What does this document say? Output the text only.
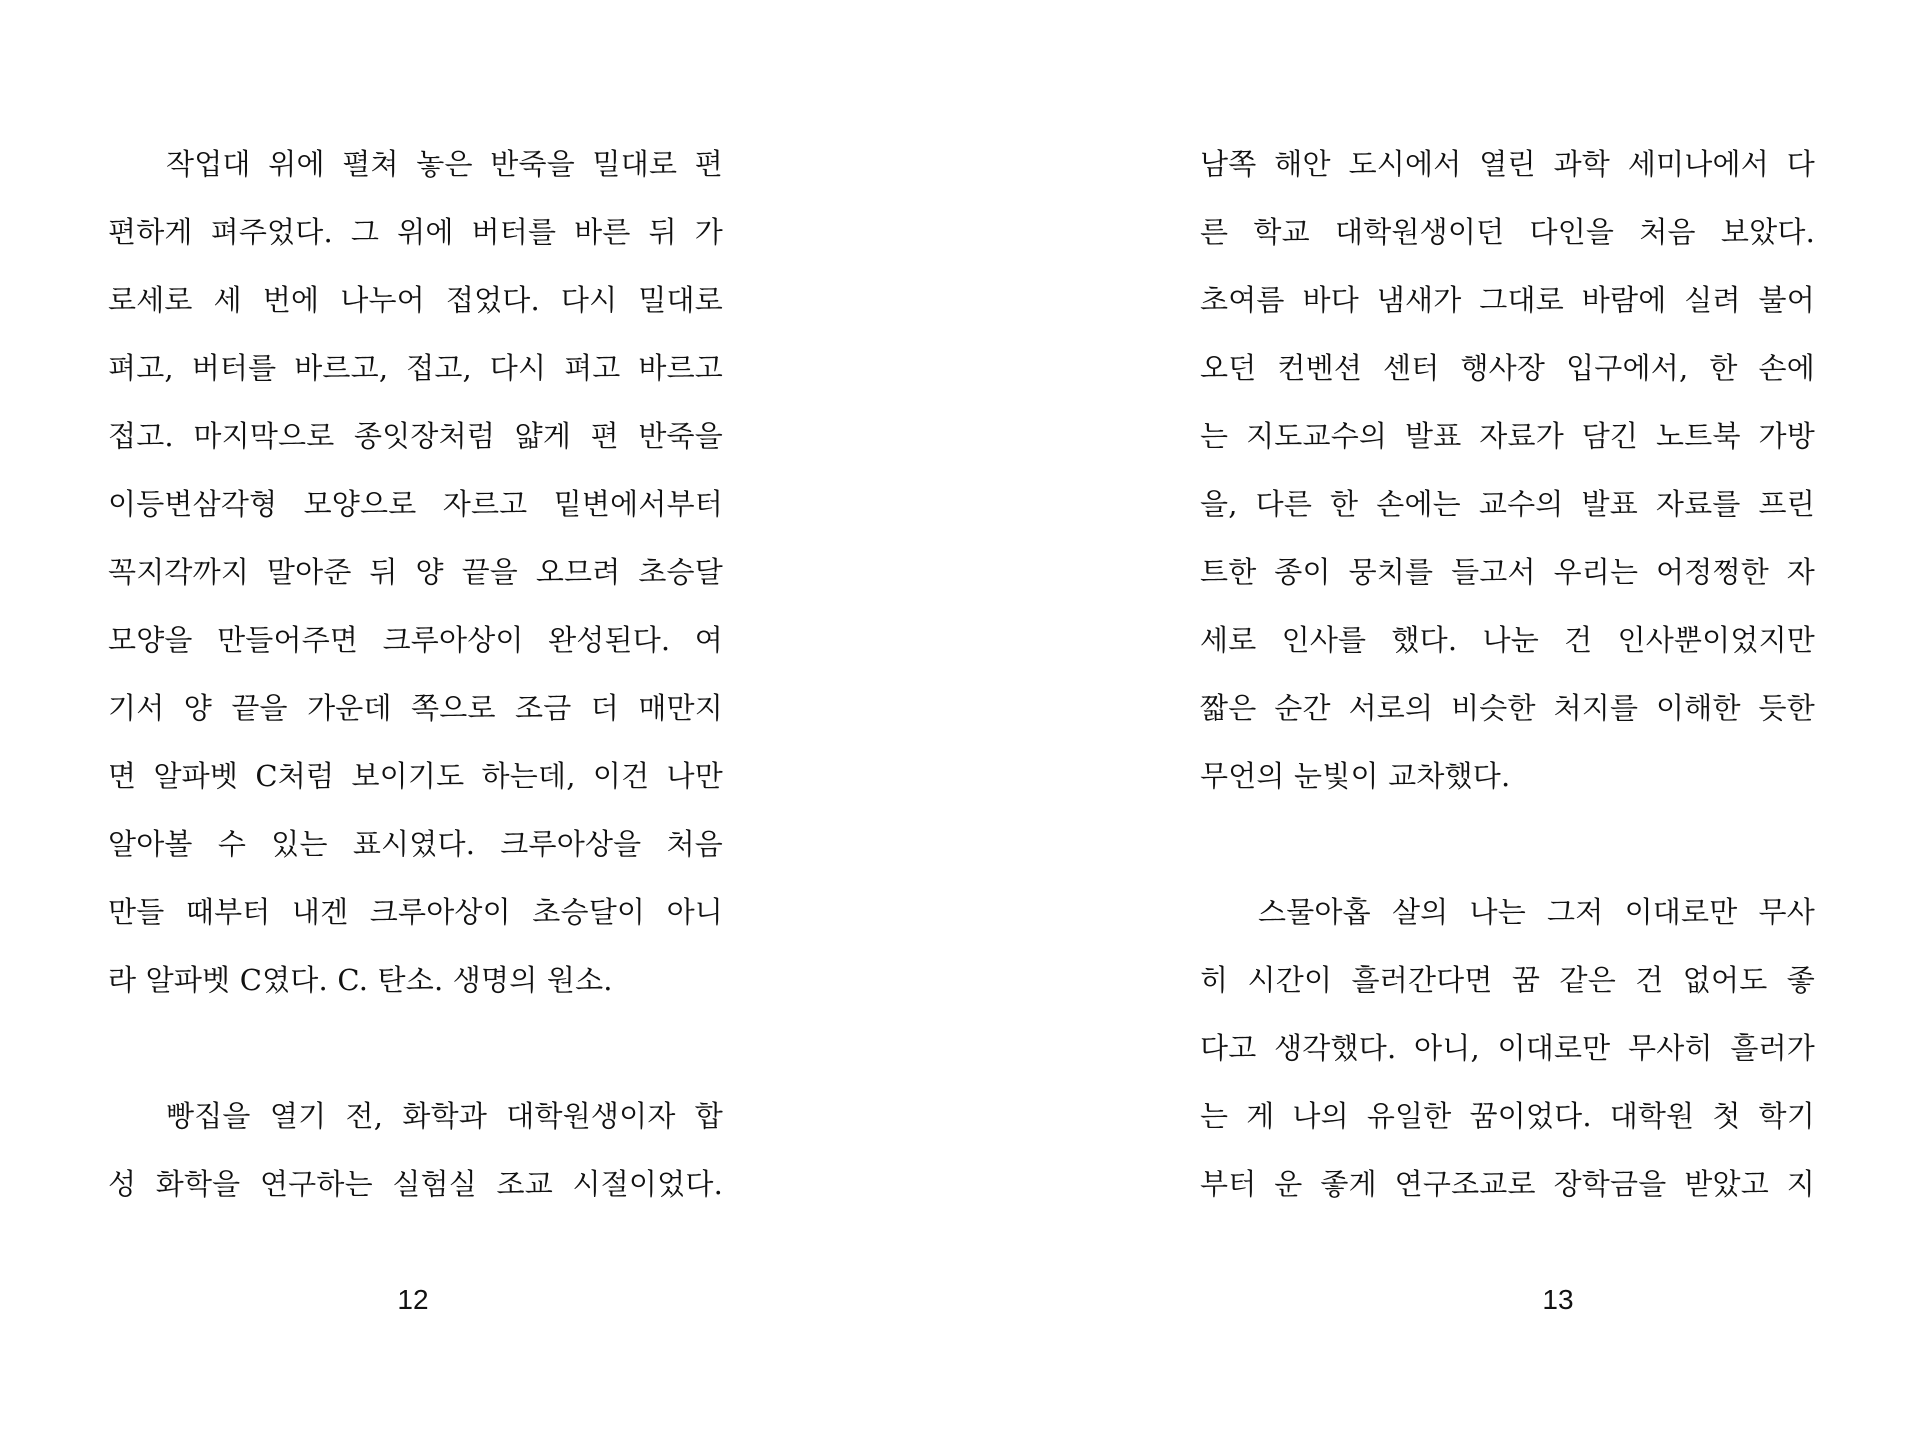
작업대 위에 펼쳐 놓은 반죽을 밀대로 편
편하게 펴주었다. 그 위에 버터를 바른 뒤 가
로세로 세 번에 나누어 접었다. 다시 밀대로
펴고, 버터를 바르고, 접고, 다시 펴고 바르고
접고. 마지막으로 종잇장처럼 얇게 편 반죽을
이등변삼각형 모양으로 자르고 밑변에서부터
꼭지각까지 말아준 뒤 양 끝을 오므려 초승달
모양을 만들어주면 크루아상이 완성된다. 여
기서 양 끝을 가운데 쪽으로 조금 더 매만지
면 알파벳 C처럼 보이기도 하는데, 이건 나만
알아볼 수 있는 표시였다. 크루아상을 처음
만들 때부터 내겐 크루아상이 초승달이 아니
라 알파벳 C였다. C. 탄소. 생명의 원소.
빵집을 열기 전, 화학과 대학원생이자 합
성 화학을 연구하는 실험실 조교 시절이었다.
12
남쪽 해안 도시에서 열린 과학 세미나에서 다
른 학교 대학원생이던 다인을 처음 보았다.
초여름 바다 냄새가 그대로 바람에 실려 불어
오던 컨벤션 센터 행사장 입구에서, 한 손에
는 지도교수의 발표 자료가 담긴 노트북 가방
을, 다른 한 손에는 교수의 발표 자료를 프린
트한 종이 뭉치를 들고서 우리는 어정쩡한 자
세로 인사를 했다. 나눈 건 인사뿐이었지만
짧은 순간 서로의 비슷한 처지를 이해한 듯한
무언의 눈빛이 교차했다.
스물아홉 살의 나는 그저 이대로만 무사
히 시간이 흘러간다면 꿈 같은 건 없어도 좋
다고 생각했다. 아니, 이대로만 무사히 흘러가
는 게 나의 유일한 꿈이었다. 대학원 첫 학기
부터 운 좋게 연구조교로 장학금을 받았고 지
13
